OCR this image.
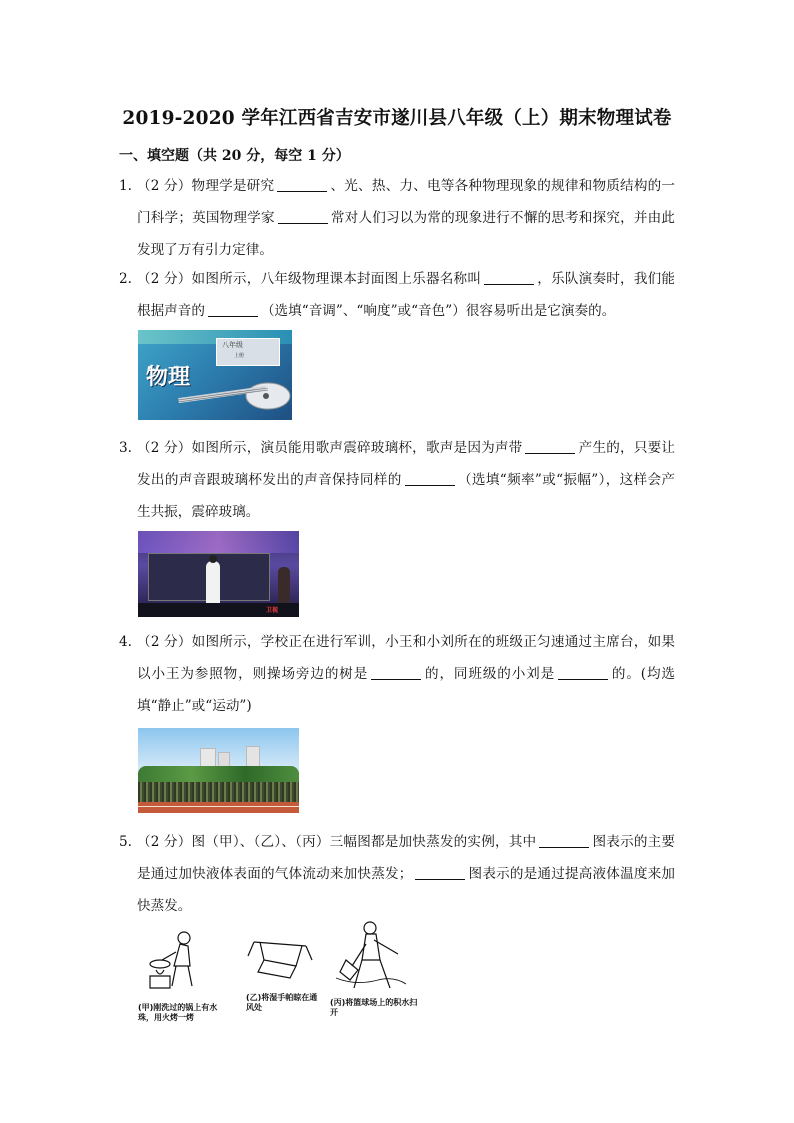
2019-2020 学年江西省吉安市遂川县八年级（上）期末物理试卷
一、填空题（共 20 分，每空 1 分）
1. （2 分）物理学是研究	、光、热、力、电等各种物理现象的规律和物质结构的一门科学；英国物理学家	常对人们习以为常的现象进行不懈的思考和探究，并由此发现了万有引力定律。
2. （2 分）如图所示，八年级物理课本封面图上乐器名称叫	，乐队演奏时，我们能根据声音的	（选填“音调”、“响度”或“音色”）很容易听出是它演奏的。
八年级
上册
物理
3. （2 分）如图所示，演员能用歌声震碎玻璃杯，歌声是因为声带	产生的，只要让发出的声音跟玻璃杯发出的声音保持同样的	（选填“频率”或“振幅”），这样会产生共振，震碎玻璃。
卫视
4. （2 分）如图所示，学校正在进行军训，小王和小刘所在的班级正匀速通过主席台，如果以小王为参照物，则操场旁边的树是	的，同班级的小刘是	的。(均选填“静止”或“运动”)
5. （2 分）图（甲）、（乙）、（丙）三幅图都是加快蒸发的实例，其中	图表示的主要是通过加快液体表面的气体流动来加快蒸发；	图表示的是通过提高液体温度来加快蒸发。
(甲)刚洗过的锅上有水珠，用火烤一烤
(乙)将湿手帕晾在通风处
(丙)将篮球场上的积水扫开
